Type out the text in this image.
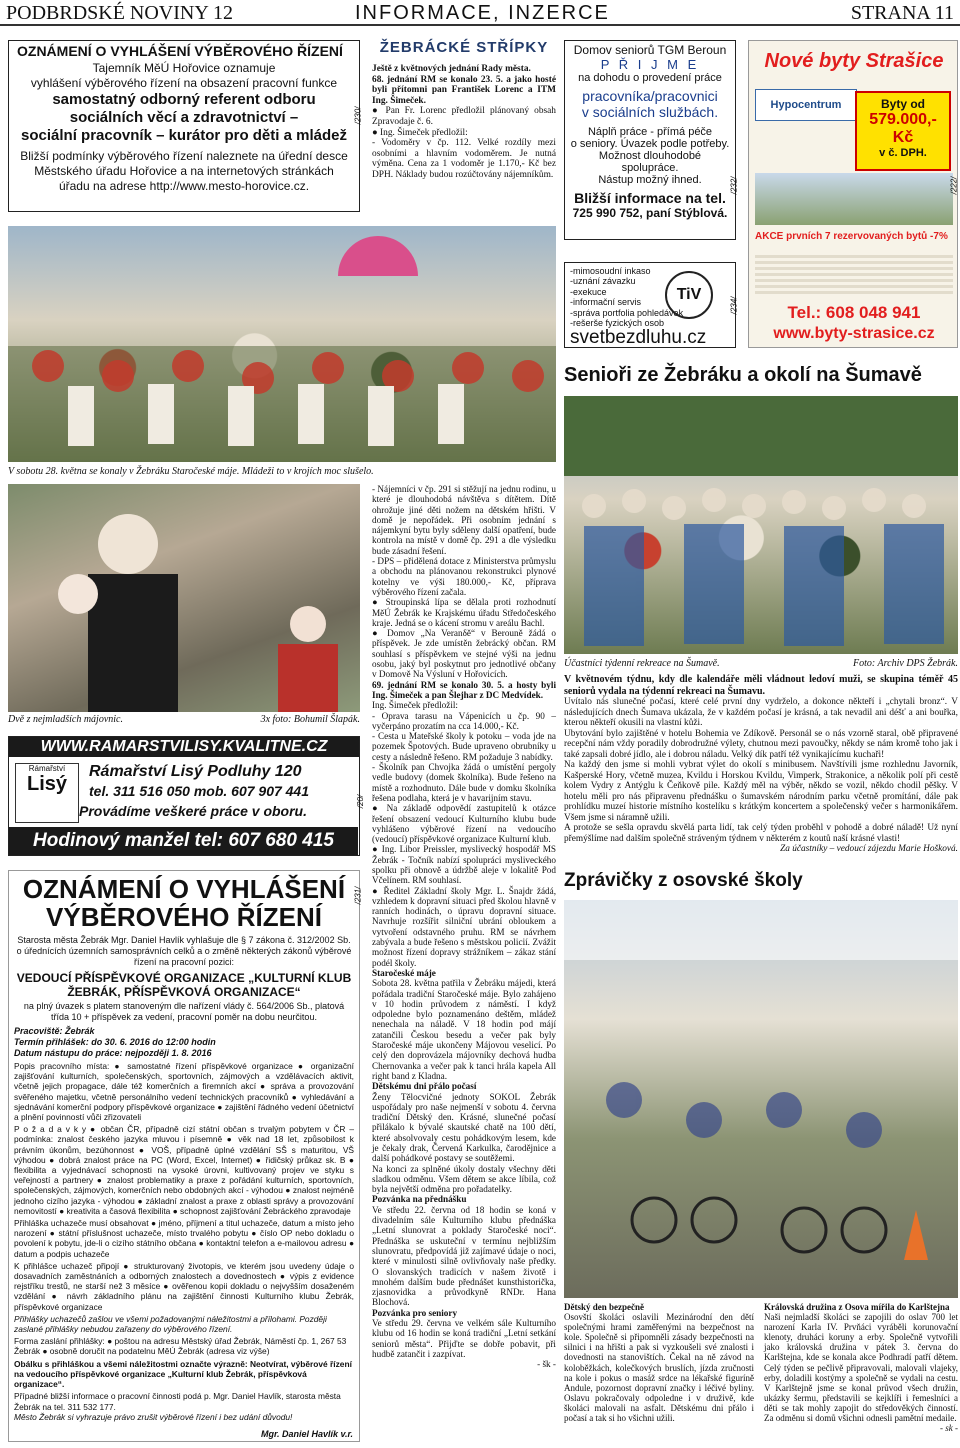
PODBRDSKÉ NOVINY 12	INFORMACE, INZERCE	STRANA 11
OZNÁMENÍ O VYHLÁŠENÍ VÝBĚROVÉHO ŘÍZENÍ
Tajemník MěÚ Hořovice oznamuje
vyhlášení výběrového řízení na obsazení pracovní funkce
samostatný odborný referent odboru
sociálních věcí a zdravotnictví –
sociální pracovník – kurátor pro děti a mládež
Bližší podmínky výběrového řízení naleznete na úřední desce
Městského úřadu Hořovice a na internetových stránkách
úřadu na adrese http://www.mesto-horovice.cz.
/230/
ŽEBRÁCKÉ STŘÍPKY

Ještě z květnových jednání Rady města.

68. jednání RM se konalo 23. 5. a jako hosté byli přítomni pan František Lorenc a ITM Ing. Šimeček.

● Pan Fr. Lorenc předložil plánovaný obsah Zpravodaje č. 6.

● Ing. Šimeček předložil:

- Vodoměry v čp. 112. Velké rozdíly mezi osobními a hlavním vodoměrem. Je nutná výměna. Cena za 1 vodoměr je 1.170,- Kč bez DPH. Náklady budou rozúčtovány nájemníkům.

Domov seniorů TGM Beroun
P Ř I J M E
na dohodu o provedení práce
pracovníka/pracovnici
v sociálních službách.
Náplň práce - přímá péče
o seniory. Úvazek podle potřeby.
Možnost dlouhodobé spolupráce.
Nástup možný ihned.
Bližší informace na tel.
725 990 752, paní Stýblová.
/232/
Nové byty Strašice
Hypocentrum	Byty od
579.000,- Kč
v č. DPH.
AKCE prvních 7 rezervovaných bytů -7%
Tel.: 608 048 941
www.byty-strasice.cz
/222/
-mimosoudní inkaso
-uznání závazku
-exekuce
-informační servis
-správa portfolia pohledávek
-rešerše fyzických osob
TiV
svetbezdluhu.cz
/234/
Senioři ze Žebráku a okolí na Šumavě
V sobotu 28. května se konaly v Žebráku Staročeské máje. Mládeži to v krojích moc slušelo.
Dvě z nejmladších májovnic.	3x foto: Bohumil Šlapák.
WWW.RAMARSTVILISY.KVALITNE.CZ
Rámařství
Lisý
Rámařství Lisý Podluhy 120
tel. 311 516 050 mob. 607 907 441
Provádíme veškeré práce v oboru.
Hodinový manžel tel: 607 680 415
/20/
OZNÁMENÍ O VYHLÁŠENÍ VÝBĚROVÉHO ŘÍZENÍ
Starosta města Žebrák Mgr. Daniel Havlík vyhlašuje dle § 7 zákona č. 312/2002 Sb. o úřednících územních samosprávních celků a o změně některých zákonů výběrové řízení na pracovní pozici:
VEDOUCÍ PŘÍSPĚVKOVÉ ORGANIZACE „KULTURNÍ KLUB ŽEBRÁK, PŘÍSPĚVKOVÁ ORGANIZACE“
na plný úvazek s platem stanoveným dle nařízení vlády č. 564/2006 Sb., platová třída 10 + příspěvek za vedení, pracovní poměr na dobu neurčitou.
Pracoviště: Žebrák
Termín přihlášek: do 30. 6. 2016 do 12:00 hodin
Datum nástupu do práce: nejpozději 1. 8. 2016
Popis pracovního místa: ● samostatné řízení příspěvkové organizace ● organizační zajišťování kulturních, společenských, sportovních, zájmových a vzdělávacích aktivit, včetně jejich propagace, dále též komerčních a firemních akcí ● správa a provozování svěřeného majetku, včetně personálního vedení technických pracovníků ● vyhledávání a sjednávání komerční podpory příspěvkové organizace ● zajištění řádného vedení účetnictví a plnění povinností vůči zřizovateli
P o ž a d a v k y ● občan ČR, případně cizí státní občan s trvalým pobytem v ČR – podmínka: znalost českého jazyka mluvou i písemně ● věk nad 18 let, způsobilost k právním úkonům, bezúhonnost ● VOŠ, případně úplné vzdělání SŠ s maturitou, VŠ výhodou ● dobrá znalost práce na PC (Word, Excel, Internet) ● řidičský průkaz sk. B ● flexibilita a vyjednávací schopnosti na vysoké úrovni, kultivovaný projev ve styku s veřejností a partnery ● znalost problematiky a praxe z pořádání kulturních, sportovních, společenských, zájmových, komerčních nebo obdobných akcí - výhodou ● znalost nejméně jednoho cizího jazyka - výhodou ● základní znalost a praxe z oblasti správy a provozování nemovitostí ● kreativita a časová flexibilita ● schopnost zajišťování Žebráckého zpravodaje
Přihláška uchazeče musí obsahovat ● jméno, příjmení a titul uchazeče, datum a místo jeho narození ● státní příslušnost uchazeče, místo trvalého pobytu ● číslo OP nebo dokladu o povolení k pobytu, jde-li o cizího státního občana ● kontaktní telefon a e-mailovou adresu ● datum a podpis uchazeče
K přihlášce uchazeč připojí ● strukturovaný životopis, ve kterém jsou uvedeny údaje o dosavadních zaměstnáních a odborných znalostech a dovednostech ● výpis z evidence rejstříku trestů, ne starší než 3 měsíce ● ověřenou kopii dokladu o nejvyšším dosaženém vzdělání ● návrh základního plánu na zajištění činnosti Kulturního klubu Žebrák, příspěvkové organizace
Přihlášky uchazečů zašlou ve všemi požadovanými náležitostmi a přílohami. Později zaslané přihlášky nebudou zařazeny do výběrového řízení.
Forma zaslání přihlášky: ● poštou na adresu Městský úřad Žebrák, Náměstí čp. 1, 267 53 Žebrák ● osobně doručit na podatelnu MěÚ Žebrák (adresa viz výše)
Obálku s přihláškou a všemi náležitostmi označte výrazně: Neotvírat, výběrové řízení na vedoucího příspěvkové organizace „Kulturní klub Žebrák, příspěvková organizace“.
Případné bližší informace o pracovní činnosti podá p. Mgr. Daniel Havlík, starosta města Žebrák na tel. 311 532 177.
Město Žebrák si vyhrazuje právo zrušit výběrové řízení i bez udání důvodu!
Mgr. Daniel Havlík v.r.
/231/

- Nájemníci v čp. 291 si stěžují na jednu rodinu, u které je dlouhodobá návštěva s dítětem. Dítě ohrožuje jiné děti nožem na dětském hřišti. V domě je nepořádek. Při osobním jednání s nájemkyní bytu byly sděleny další opatření, bude kontrola na místě v domě čp. 291 a dle výsledku bude zásadní řešení.

- DPS – přidělená dotace z Ministerstva průmyslu a obchodu na plánovanou rekonstrukci plynové kotelny ve výši 180.000,- Kč, přípravа výběrového řízení začala.

● Stroupinská lípa se dělala proti rozhodnutí MěÚ Žebrák ke Krajskému úřadu Středočeského kraje. Jedná se o kácení stromu v areálu Bachl.

● Domov „Na Veranδě“ v Berouně žádá o příspěvek. Je zde umístěn žebrácký občan. RM souhlasí s příspěvkem ve stejné výši na jednu osobu, jaký byl poskytnut pro jednotlivé občany v Domově Na Výsluní v Hořovicích.

69. jednání RM se konalo 30. 5. a hosty byli Ing. Šimeček a pan Šlejhar z DC Medvídek.

Ing. Šimeček předložil:

- Oprava tarasu na Vápenicích u čp. 90 – vyčerpáno prozatím na cca 14.000,- Kč.

- Cesta u Mateřské školy k potoku – voda jde na pozemek Špotových. Bude upraveno obrubníky u cesty a následně řešeno. RM požaduje 3 nabídky.

- Školník pan Chvojka žádá o umístění pergoly vedle budovy (domek školníka). Bude řešeno na místě a rozhodnuto. Dále bude v domku školníka řešena podlaha, která je v havarijním stavu.

● Na základě odpovědí zastupitelů k otázce řešení obsazení vedoucí Kulturního klubu bude vyhlášeno výběrové řízení na vedoucího (vedoucí) příspěvkové organizace Kulturní klub.

● Ing. Libor Preissler, myslivecký hospodář MS Žebrák - Točník nabízí spolupráci mysliveckého spolku při obnově a údržbě aleje v lokalitě Pod Včelínem. RM souhlasí.

● Ředitel Základní školy Mgr. L. Šnajdr žádá, vzhledem k dopravní situaci před školou hlavně v ranních hodinách, o úpravu dopravní situace. Navrhuje rozšířit silniční ubrání obloukem a vytvoření odstavného pruhu. RM se návrhem zabývala a bude řešeno s městskou policií. Zvážit možnost řízení dopravy strážníkem – zákaz stání podél školy.

Staročeské máje

Sobota 28. května patřila v Žebráku májedi, která pořádala tradiční Staročeské máje. Bylo zahájeno v 10 hodin průvodem z náměstí. I když odpoledne bylo poznamenáno deštěm, mládež nenechala na náladě. V 18 hodin pod májí zatančili Českou besedu a večer pak byly Staročeské máje ukončeny Májovou veselicí. Po celý den doprovázela májovníky dechová hudba Chernovanka a večer pak k tanci hrála kapela All right band z Kladna.

Dětskému dni přálo počasí

Ženy Tělocvičné jednoty SOKOL Žebrák uspořádaly pro naše nejmenší v sobotu 4. června tradiční Dětský den. Krásné, slunečné počasí přilákalo k bývalé skautské chatě na 100 dětí, které absolvovaly cestu pohádkovým lesem, kde je čekaly drak, Červená Karkulka, čarodějnice a další pohádkové postavy se soutěžemi.

Na konci za splněné úkoly dostaly všechny děti sladkou odměnu. Všem dětem se akce líbila, což byla největší odměna pro pořadatelky.

Pozvánka na přednášku

Ve středu 22. června od 18 hodin se koná v divadelním sále Kulturního klubu přednáška „Letní slunovrat a poklady Staročeské noci“. Přednáška se uskuteční v termínu nejbližším slunovratu, předpovídá již zajímavé údaje o noci, které v minulosti silně ovlivňovaly naše předky. O slovanských tradicích v našem životě i mnohém dalším bude přednášet kunsthistorička, zjasnovidka a průvodkyně RNDr. Hana Blochová.

Pozvánka pro seniory

Ve středu 29. června ve velkém sále Kulturního klubu od 16 hodin se koná tradiční „Letní setkání seniorů města“. Přijďte se dobře pobavit, při hudbě zatančit i zazpívat.

- šk -

Účastníci týdenní rekreace na Šumavě.	Foto: Archiv DPS Žebrák.

V květnovém týdnu, kdy dle kalendáře měli vládnout ledoví muži, se skupina téměř 45 seniorů vydala na týdenní rekreaci na Šumavu.

Uvítalo nás slunečné počasí, které celé první dny vydrželo, a dokonce někteří i „chytali bronz“. V následujících dnech Šumava ukázala, že v každém počasí je krásná, a tak nevadil ani déšť a ani bouřka, kterou někteří okusili na vlastní kůži.

Ubytování bylo zajištěné v hotelu Bohemia ve Zdíkově. Personál se o nás vzorně staral, obě připravené recepční nám vždy poradily dobrodružné výlety, chutnou mezi pavoučky, někdy se nám kromě toho jak i také zapsali dobré jídlo, ale i dobrou náladu. Velký dík patří též vynikajícímu kuchaři!

Na každý den jsme si mohli vybrat výlet do okolí s minibusem. Navštívili jsme rozhlednu Javorník, Kašperské Hory, včetně muzea, Kvildu i Horskou Kvildu, Vimperk, Strakonice, a několik polí při cestě kolem Vydry z Antýglu k Čeňkově pile. Každý měl na výběr, někdo se vozil, někdo chodil pěšky. V hotelu měli pro nás připravenu přednášku o šumavském národním parku včetně promítání, dále pak prohlídku muzeí historie místního kostelíku s krátkým koncertem a společenský večer s harmonikářem. Všem jsme si náramně užili.

A protože se sešla opravdu skvělá parta lidí, tak celý týden proběhl v pohodě a dobré náladě! Už nyní přemýšlíme nad dalším společně stráveným týdnem v některém z koutů naší krásné vlasti!

Za účastníky – vedoucí zájezdu Marie Hošková.

Zprávičky z osovské školy

Dětský den bezpečně

Osovští školáci oslavili Mezinárodní den dětí společnými hrami zaměřenými na bezpečnost na kole. Společně si připomněli zásady bezpečnosti na silnici i na hřišti a pak si vyzkoušeli své znalosti i dovednosti na stanovištích. Čekal na ně závod na koloběžkách, kolečkových bruslích, jízda zručnosti na kole i pokus o masáž srdce na lékařské figuríně Andule, pozornost dopravní značky i léčivé byliny. Oslavu pokračovaly odpoledne i v druživě, kde školáci malovali na asfalt. Dětskému dni přálo i počasí a tak si ho všichni užili.

Královská družina z Osova mířila do Karlštejna

Naši nejmladší školáci se zapojili do oslav 700 let narození Karla IV. Prvňáci vyráběli korunovační klenoty, druháci koruny a erby. Společně vytvořili jako královská družina v pátek 3. června do Karlštejna, kde se konala akce Podhradí patří dětem. Celý týden se pečlivě připravovali, malovali vlajeky, erby, doladili kostýmy a společně se vydali na cestu. V Karlštejně jsme se konal průvod všech družin, ukázky šermu, představili se kejklíři i řemeslníci a děti se tak mohly zapojit do středověkých činností. Za odměnu si domů všichni odnesli pamětní medaile.

- sk -
